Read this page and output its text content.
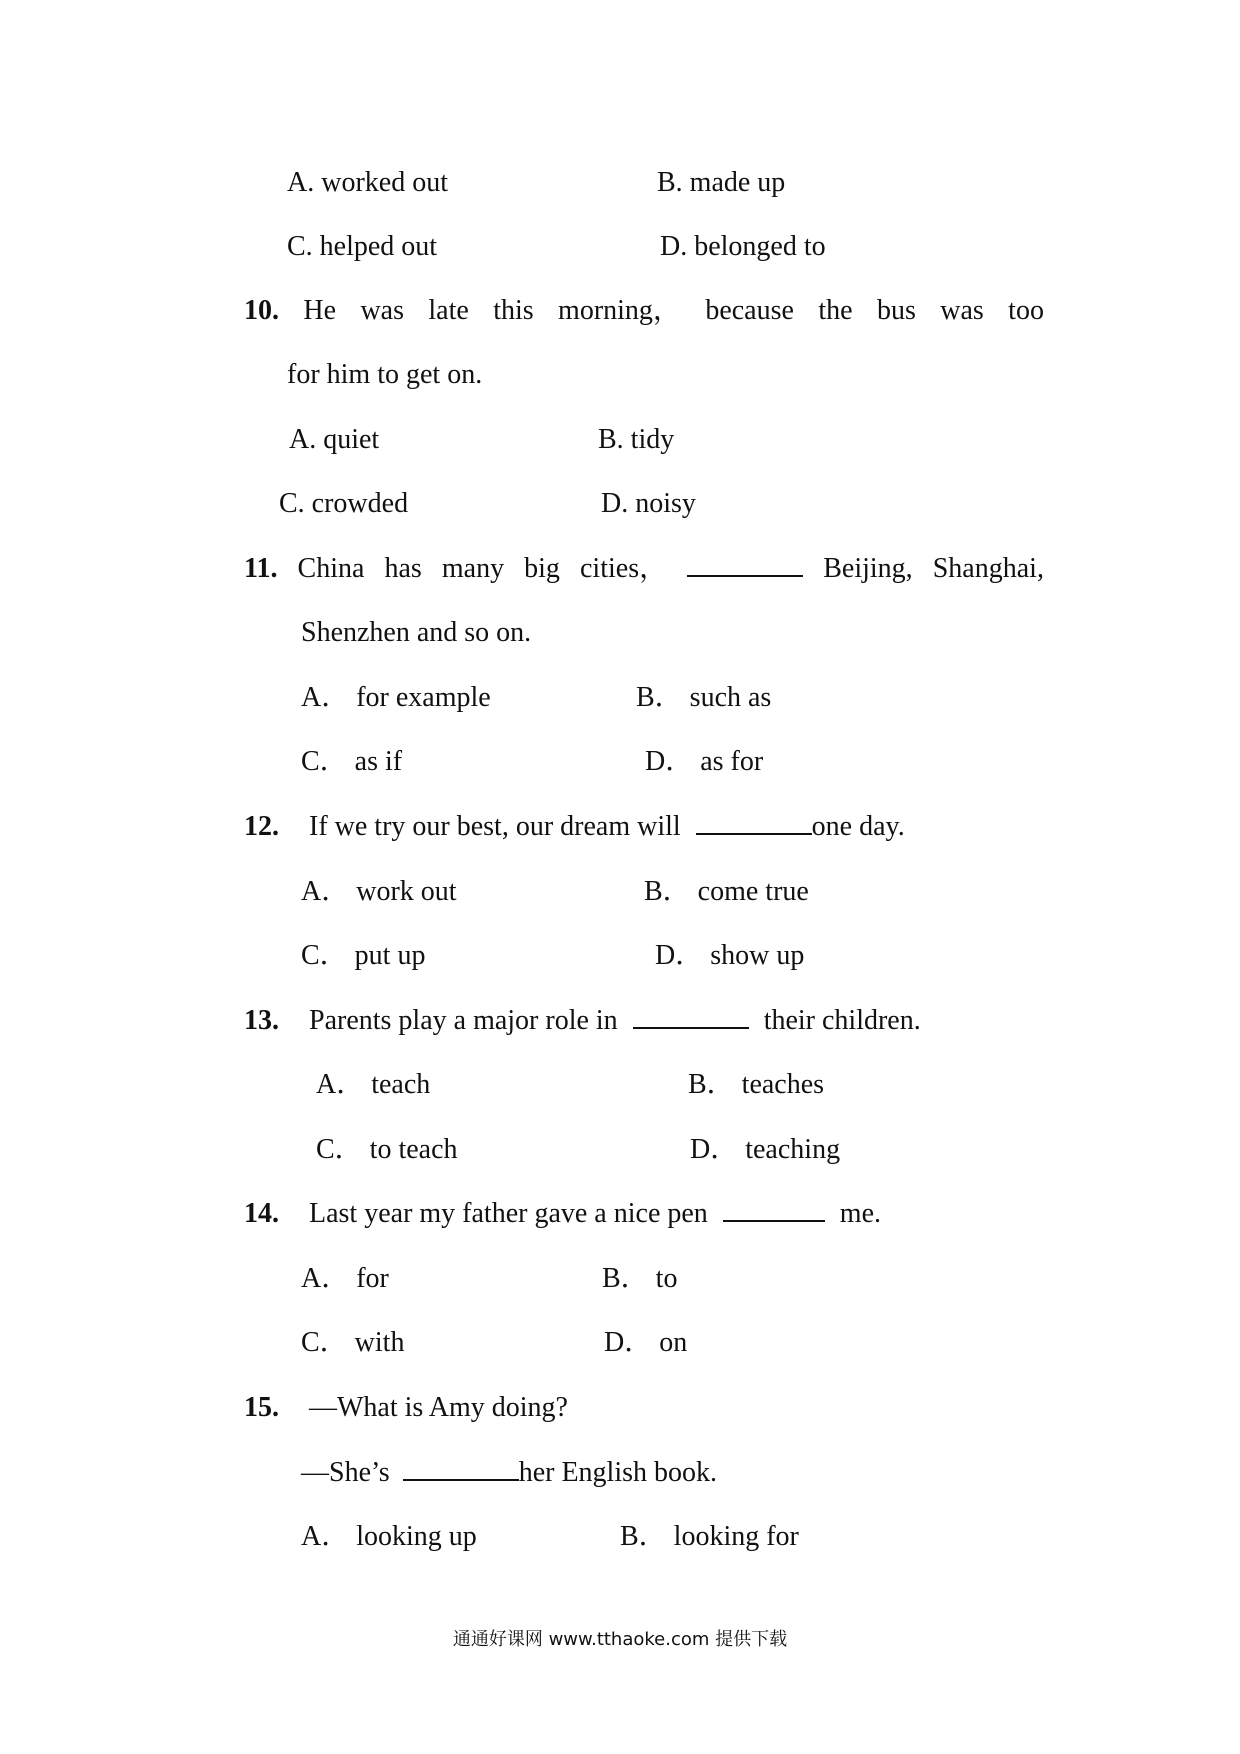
A. worked out	B. made up
C. helped out	D. belonged to
10. He was late this morning， because the bus was too
for him to get on.
A. quiet	B. tidy
C. crowded	D. noisy
11. China has many big cities，	Beijing, Shanghai,
Shenzhen and so on.
A． for example	B． such as
C． as if	D． as for
12. If we try our best, our dream will	one day.
A． work out	B． come true
C． put up	D． show up
13. Parents play a major role in	their children.
A． teach	B． teaches
C． to teach	D． teaching
14. Last year my father gave a nice pen	me.
A． for	B． to
C． with	D． on
15. —What is Amy doing?
—She’s	her English book.
A． looking up	B． looking for
通通好课网 www.tthaoke.com 提供下载
